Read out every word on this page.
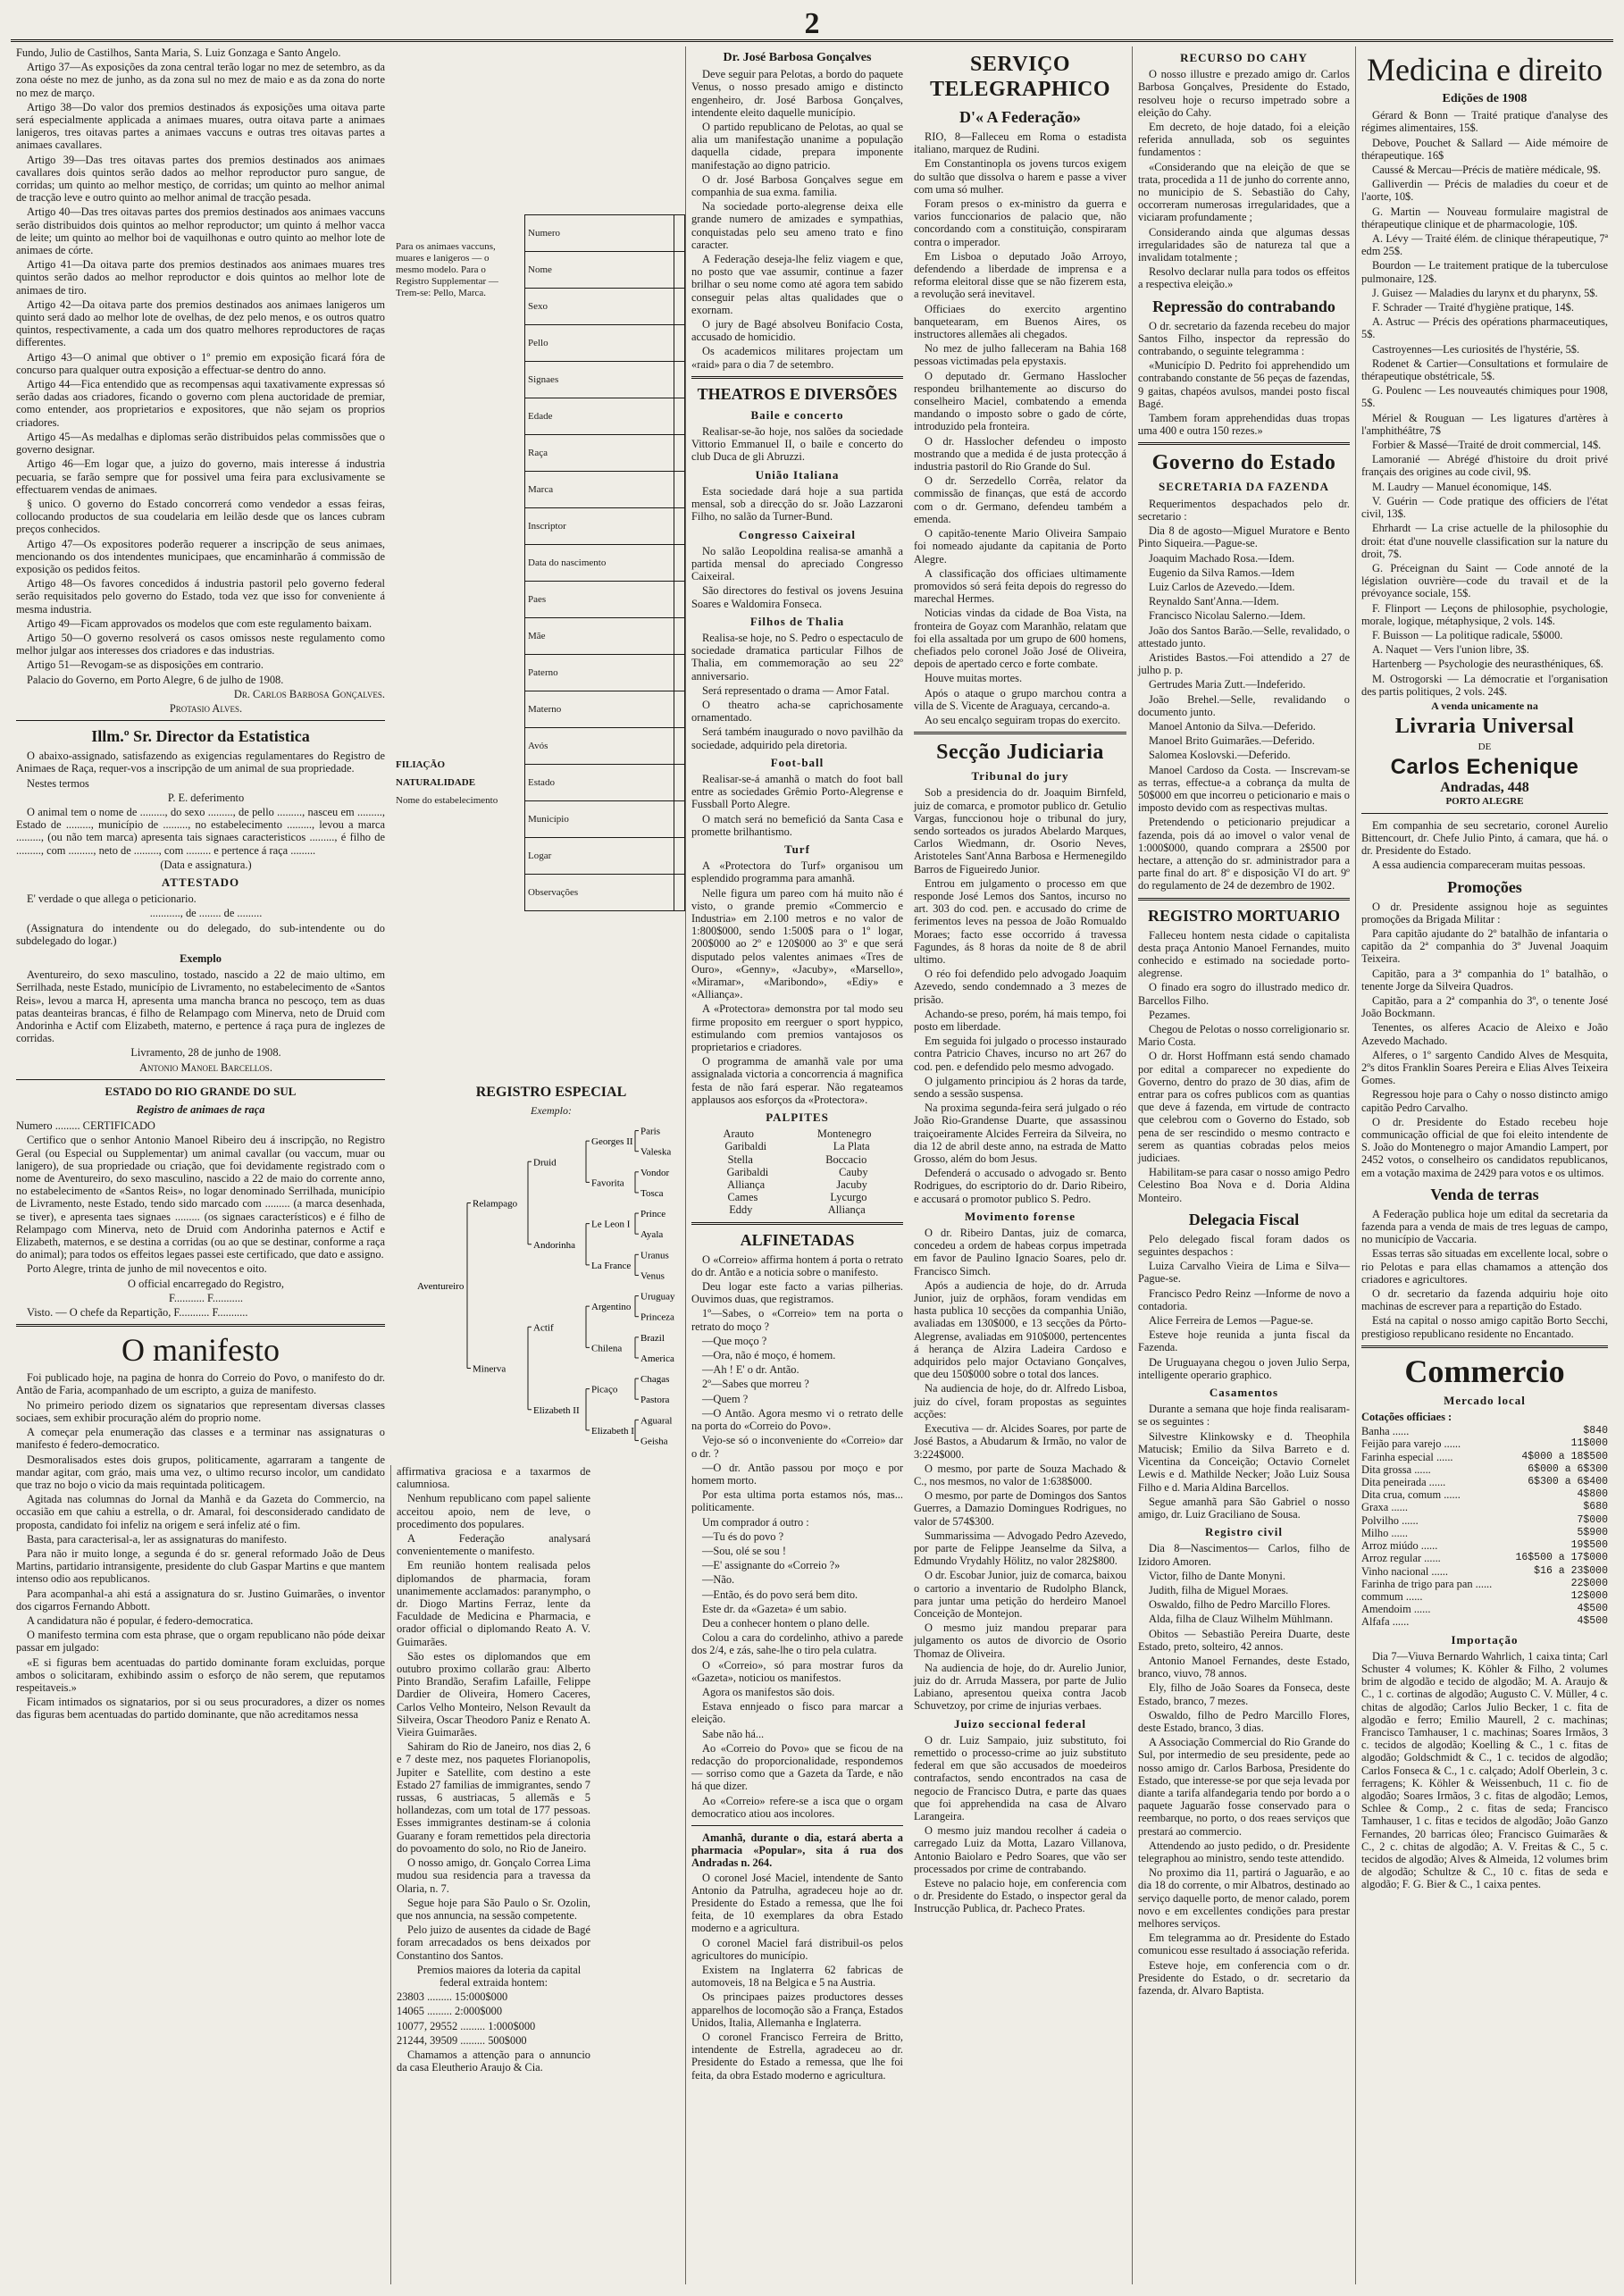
2

Fundo, Julio de Castilhos, Santa Maria, S. Luiz Gonzaga e Santo Angelo.

Artigo 37—As exposições da zona central terão logar no mez de setembro, as da zona oéste no mez de junho, as da zona sul no mez de maio e as da zona do norte no mez de março.

Artigo 38—Do valor dos premios destinados ás exposições uma oitava parte será especialmente applicada a animaes muares, outra oitava parte a animaes lanigeros, tres oitavas partes a animaes vaccuns e outras tres oitavas partes a animaes cavallares.

Artigo 39—Das tres oitavas partes dos premios destinados aos animaes cavallares dois quintos serão dados ao melhor reproductor puro sangue, de corridas; um quinto ao melhor mestiço, de corridas; um quinto ao melhor animal de tracção leve e outro quinto ao melhor animal de tracção pesada.

Artigo 40—Das tres oitavas partes dos premios destinados aos animaes vaccuns serão distribuidos dois quintos ao melhor reproductor; um quinto á melhor vacca de leite; um quinto ao melhor boi de vaquilhonas e outro quinto ao melhor lote de animaes de córte.

Artigo 41—Da oitava parte dos premios destinados aos animaes muares tres quintos serão dados ao melhor reproductor e dois quintos ao melhor lote de animaes de tiro.

Artigo 42—Da oitava parte dos premios destinados aos animaes lanigeros um quinto será dado ao melhor lote de ovelhas, de dez pelo menos, e os outros quatro quintos, respectivamente, a cada um dos quatro melhores reproductores de raças differentes.

Artigo 43—O animal que obtiver o 1º premio em exposição ficará fóra de concurso para qualquer outra exposição a effectuar-se dentro do anno.

Artigo 44—Fica entendido que as recompensas aqui taxativamente expressas só serão dadas aos criadores, ficando o governo com plena auctoridade de premiar, como entender, aos proprietarios e expositores, que não sejam os proprios criadores.

Artigo 45—As medalhas e diplomas serão distribuidos pelas commissões que o governo designar.

Artigo 46—Em logar que, a juizo do governo, mais interesse á industria pecuaria, se farão sempre que for possivel uma feira para exclusivamente se effectuarem vendas de animaes.

§ unico. O governo do Estado concorrerá como vendedor a essas feiras, collocando productos de sua coudelaria em leilão desde que os lances cubram preços conhecidos.

Artigo 47—Os expositores poderão requerer a inscripção de seus animaes, mencionando os dos intendentes municipaes, que encaminharão á commissão de exposição os pedidos feitos.

Artigo 48—Os favores concedidos á industria pastoril pelo governo federal serão requisitados pelo governo do Estado, toda vez que isso for conveniente á mesma industria.

Artigo 49—Ficam approvados os modelos que com este regulamento baixam.

Artigo 50—O governo resolverá os casos omissos neste regulamento como melhor julgar aos interesses dos criadores e das industrias.

Artigo 51—Revogam-se as disposições em contrario.

Palacio do Governo, em Porto Alegre, 6 de julho de 1908.

Dr. Carlos Barbosa Gonçalves.

Protasio Alves.

Illm.º Sr. Director da Estatistica

O abaixo-assignado, satisfazendo as exigencias regulamentares do Registro de Animaes de Raça, requer-vos a inscripção de um animal de sua propriedade.

Nestes termos

P. E. deferimento

O animal tem o nome de ........., do sexo ........., de pello ........., nasceu em ........., Estado de ........., município de ........., no estabelecimento ........., levou a marca ........., (ou não tem marca) apresenta tais signaes caracteristicos ........., é filho de ........., com ........., neto de ........., com ......... e pertence á raça .........

(Data e assignatura.)

ATTESTADO

E' verdade o que allega o peticionario.

..........., de ........ de .........

(Assignatura do intendente ou do delegado, do sub-intendente ou do subdelegado do logar.)

Exemplo

Aventureiro, do sexo masculino, tostado, nascido a 22 de maio ultimo, em Serrilhada, neste Estado, município de Livramento, no estabelecimento de «Santos Reis», levou a marca H, apresenta uma mancha branca no pescoço, tem as duas patas deanteiras brancas, é filho de Relampago com Minerva, neto de Druid com Andorinha e Actif com Elizabeth, materno, e pertence á raça pura de inglezes de corridas.

Livramento, 28 de junho de 1908.

Antonio Manoel Barcellos.

ESTADO DO RIO GRANDE DO SUL
Registro de animaes de raça

Numero ......... CERTIFICADO

Certifico que o senhor Antonio Manoel Ribeiro deu á inscripção, no Registro Geral (ou Especial ou Supplementar) um animal cavallar (ou vaccum, muar ou lanigero), de sua propriedade ou criação, que foi devidamente registrado com o nome de Aventureiro, do sexo masculino, nascido a 22 de maio do corrente anno, no estabelecimento de «Santos Reis», no logar denominado Serrilhada, município de Livramento, neste Estado, tendo sido marcado com ......... (a marca desenhada, se tiver), e apresenta taes signaes ......... (os signaes característicos) e é filho de Relampago com Minerva, neto de Druid com Andorinha paternos e Actif e Elizabeth, maternos, e se destina a corridas (ou ao que se destinar, conforme a raça do animal); para todos os effeitos legaes passei este certificado, que dato e assigno.

Porto Alegre, trinta de junho de mil novecentos e oito.

O official encarregado do Registro,

F........... F...........

Visto. — O chefe da Repartição, F........... F...........

O manifesto

Foi publicado hoje, na pagina de honra do Correio do Povo, o manifesto do dr. Antão de Faria, acompanhado de um escripto, a guiza de manifesto.

No primeiro periodo dizem os signatarios que representam diversas classes sociaes, sem exhibir procuração além do proprio nome.

A começar pela enumeração das classes e a terminar nas assignaturas o manifesto é federo-democratico.

Desmoralisados estes dois grupos, politicamente, agarraram a tangente de mandar agitar, com gráo, mais uma vez, o ultimo recurso incolor, um candidato que traz no bojo o vicio da mais requintada politicagem.

Agitada nas columnas do Jornal da Manhã e da Gazeta do Commercio, na occasião em que cahiu a estrella, o dr. Amaral, foi desconsiderado candidato de proposta, candidato foi infeliz na origem e será infeliz até o fim.

Basta, para caracterisal-a, ler as assignaturas do manifesto.

Para não ir muito longe, a segunda é do sr. general reformado João de Deus Martins, partidario intransigente, presidente do club Gaspar Martins e que mantem intenso odio aos republicanos.

Para acompanhal-a ahi está a assignatura do sr. Justino Guimarães, o inventor dos cigarros Fernando Abbott.

A candidatura não é popular, é federo-democratica.

O manifesto termina com esta phrase, que o orgam republicano não póde deixar passar em julgado:

«E si figuras bem acentuadas do partido dominante foram excluidas, porque ambos o solicitaram, exhibindo assim o esforço de não serem, que reputamos respeitaveis.»

Ficam intimados os signatarios, por si ou seus procuradores, a dizer os nomes das figuras bem acentuadas do partido dominante, que não acreditamos nessa

affirmativa graciosa e a taxarmos de calumniosa.

Nenhum republicano com papel saliente acceitou apoio, nem de leve, o procedimento dos populares.

A Federação analysará convenientemente o manifesto.

Em reunião hontem realisada pelos diplomandos de pharmacia, foram unanimemente acclamados: paranympho, o dr. Diogo Martins Ferraz, lente da Faculdade de Medicina e Pharmacia, e orador official o diplomando Reato A. V. Guimarães.

São estes os diplomandos que em outubro proximo collarão grau: Alberto Pinto Brandão, Serafim Lafaille, Felippe Dardier de Oliveira, Homero Caceres, Carlos Velho Monteiro, Nelson Revault da Silveira, Oscar Theodoro Paniz e Renato A. Vieira Guimarães.

Sahiram do Rio de Janeiro, nos dias 2, 6 e 7 deste mez, nos paquetes Florianopolis, Jupiter e Satellite, com destino a este Estado 27 familias de immigrantes, sendo 7 russas, 6 austriacas, 5 allemãs e 5 hollandezas, com um total de 177 pessoas. Esses immigrantes destinam-se á colonia Guarany e foram remettidos pela directoria do povoamento do solo, no Rio de Janeiro.

O nosso amigo, dr. Gonçalo Correa Lima mudou sua residencia para a travessa da Olaria, n. 7.

Segue hoje para São Paulo o Sr. Ozolin, que nos annuncia, na sessão competente.

Pelo juizo de ausentes da cidade de Bagé foram arrecadados os bens deixados por Constantino dos Santos.

Premios maiores da loteria da capital federal extraida hontem:

23803 ......... 15:000$000

14065 ......... 2:000$000

10077, 29552 ......... 1:000$000

21244, 39509 ......... 500$000

Chamamos a attenção para o annuncio da casa Eleutherio Araujo & Cia.

Dr. José Barbosa Gonçalves

Deve seguir para Pelotas, a bordo do paquete Venus, o nosso presado amigo e distincto engenheiro, dr. José Barbosa Gonçalves, intendente eleito daquelle município.

O partido republicano de Pelotas, ao qual se alia um manifestação unanime a população daquella cidade, prepara imponente manifestação ao digno patricio.

O dr. José Barbosa Gonçalves segue em companhia de sua exma. familia.

Na sociedade porto-alegrense deixa elle grande numero de amizades e sympathias, conquistadas pelo seu ameno trato e fino caracter.

A Federação deseja-lhe feliz viagem e que, no posto que vae assumir, continue a fazer brilhar o seu nome como até agora tem sabido conseguir pelas altas qualidades que o exornam.

O jury de Bagé absolveu Bonifacio Costa, accusado de homicidio.

Os academicos militares projectam um «raid» para o dia 7 de setembro.

THEATROS E DIVERSÕES
Baile e concerto

Realisar-se-ão hoje, nos salões da sociedade Vittorio Emmanuel II, o baile e concerto do club Duca de gli Abruzzi.

União Italiana

Esta sociedade dará hoje a sua partida mensal, sob a direcção do sr. João Lazzaroni Filho, no salão da Turner-Bund.

Congresso Caixeiral

No salão Leopoldina realisa-se amanhã a partida mensal do apreciado Congresso Caixeiral.

São directores do festival os jovens Jesuina Soares e Waldomira Fonseca.

Filhos de Thalia

Realisa-se hoje, no S. Pedro o espectaculo de sociedade dramatica particular Filhos de Thalia, em commemoração ao seu 22º anniversario.

Será representado o drama — Amor Fatal.

O theatro acha-se caprichosamente ornamentado.

Será também inaugurado o novo pavilhão da sociedade, adquirido pela diretoria.

Foot-ball

Realisar-se-á amanhã o match do foot ball entre as sociedades Grêmio Porto-Alegrense e Fussball Porto Alegre.

O match será no bemefició da Santa Casa e promette brilhantismo.

Turf

A «Protectora do Turf» organisou um esplendido programma para amanhã.

Nelle figura um pareo com há muito não é visto, o grande premio «Commercio e Industria» em 2.100 metros e no valor de 1:800$000, sendo 1:500$ para o 1º logar, 200$000 ao 2º e 120$000 ao 3º e que será disputado pelos valentes animaes «Tres de Ouro», «Genny», «Jacuby», «Marsello», «Miramar», «Maribondo», «Ediy» e «Alliança».

A «Protectora» demonstra por tal modo seu firme proposito em reerguer o sport hyppico, estimulando com premios vantajosos os proprietarios e criadores.

O programma de amanhã vale por uma assignalada victoria a concorrencia á magnifica festa de não fará esperar. Não regateamos applausos aos esforços da «Protectora».

PALPITES
Arauto	Montenegro
Garibaldi	La Plata
Stella	Boccacio
Garibaldi	Cauby
Alliança	Jacuby
Cames	Lycurgo
Eddy	Alliança
ALFINETADAS

O «Correio» affirma hontem á porta o retrato do dr. Antão e a noticia sobre o manifesto.

Deu logar este facto a varias pilherias. Ouvimos duas, que registramos.

1º—Sabes, o «Correio» tem na porta o retrato do moço ?

—Que moço ?

—Ora, não é moço, é homem.

—Ah ! E' o dr. Antão.

2º—Sabes que morreu ?

—Quem ?

—O Antão. Agora mesmo vi o retrato delle na porta do «Correio do Povo».

Vejo-se só o inconveniente do «Correio» dar o dr. ?

—O dr. Antão passou por moço e por homem morto.

Por esta ultima porta estamos nós, mas... politicamente.

Um comprador á outro :

—Tu és do povo ?

—Sou, olé se sou !

—E' assignante do «Correio ?»

—Não.

—Então, és do povo será bem dito.

Este dr. da «Gazeta» é um sabio.

Deu a conhecer hontem o plano delle.

Colou a cara do cordelinho, athivo a parede dos 2/4, e zás, sahe-lhe o tiro pela culatra.

O «Correio», só para mostrar furos da «Gazeta», noticiou os manifestos.

Agora os manifestos são dois.

Estava ennjeado o fisco para marcar a eleição.

Sabe não há...

Ao «Correio do Povo» que se ficou de na redacção do proporcionalidade, respondemos — sorriso como que a Gazeta da Tarde, e não há que dizer.

Ao «Correio» refere-se a isca que o orgam democratico atiou aos incolores.

Amanhã, durante o dia, estará aberta a pharmacia «Popular», sita á rua dos Andradas n. 264.

O coronel José Maciel, intendente de Santo Antonio da Patrulha, agradeceu hoje ao dr. Presidente do Estado a remessa, que lhe foi feita, de 10 exemplares da obra Estado moderno e a agricultura.

O coronel Maciel fará distribuil-os pelos agricultores do município.

Existem na Inglaterra 62 fabricas de automoveis, 18 na Belgica e 5 na Austria.

Os principaes paizes productores desses apparelhos de locomoção são a França, Estados Unidos, Italia, Allemanha e Inglaterra.

O coronel Francisco Ferreira de Britto, intendente de Estrella, agradeceu ao dr. Presidente do Estado a remessa, que lhe foi feita, da obra Estado moderno e agricultura.

Numero	
Nome	
Sexo	
Pello	
Signaes	
Edade	
Raça	
Marca	
Inscriptor	
Data do nascimento	
Paes	
Mãe	
Paterno	
Materno	
Avós	
Estado	
Município	
Logar	
Observações	
Para os animaes vaccuns, muares e lanigeros — o mesmo modelo. Para o Registro Supplementar — Trem-se: Pello, Marca.
FILIAÇÃO
NATURALIDADE
Nome do estabelecimento
REGISTRO ESPECIAL
Exemplo:
Aventureiro
Relampago
Minerva
Druid
Andorinha
Actif
Elizabeth II
Georges II
Favorita
Le Leon I
La France
Argentino
Chilena
Picaço
Elizabeth I
Paris
Valeska
Vondor
Tosca
Prince
Ayala
Uranus
Venus
Uruguay
Princeza
Brazil
America
Chagas
Pastora
Aguaral
Geisha
SERVIÇO TELEGRAPHICO
D'« A Federação»

RIO, 8—Falleceu em Roma o estadista italiano, marquez de Rudini.

Em Constantinopla os jovens turcos exigem do sultão que dissolva o harem e passe a viver com uma só mulher.

Foram presos o ex-ministro da guerra e varios funccionarios de palacio que, não concordando com a constituição, conspiraram contra o imperador.

Em Lisboa o deputado João Arroyo, defendendo a liberdade de imprensa e a reforma eleitoral disse que se não fizerem esta, a revolução será inevitavel.

Officiaes do exercito argentino banquetearam, em Buenos Aires, os instructores allemães ali chegados.

No mez de julho falleceram na Bahia 168 pessoas victimadas pela epystaxis.

O deputado dr. Germano Hasslocher respondeu brilhantemente ao discurso do conselheiro Maciel, combatendo a emenda mandando o imposto sobre o gado de córte, introduzido pela fronteira.

O dr. Hasslocher defendeu o imposto mostrando que a medida é de justa protecção á industria pastoril do Rio Grande do Sul.

O dr. Serzedello Corrêa, relator da commissão de finanças, que está de accordo com o dr. Germano, defendeu também a emenda.

O capitão-tenente Mario Oliveira Sampaio foi nomeado ajudante da capitania de Porto Alegre.

A classificação dos officiaes ultimamente promovidos só será feita depois do regresso do marechal Hermes.

Noticias vindas da cidade de Boa Vista, na fronteira de Goyaz com Maranhão, relatam que foi ella assaltada por um grupo de 600 homens, chefiados pelo coronel João José de Oliveira, depois de apertado cerco e forte combate.

Houve muitas mortes.

Após o ataque o grupo marchou contra a villa de S. Vicente de Araguaya, cercando-a.

Ao seu encalço seguiram tropas do exercito.

Secção Judiciaria
Tribunal do jury

Sob a presidencia do dr. Joaquim Birnfeld, juiz de comarca, e promotor publico dr. Getulio Vargas, funccionou hoje o tribunal do jury, sendo sorteados os jurados Abelardo Marques, Carlos Wiedmann, dr. Osorio Neves, Aristoteles Sant'Anna Barbosa e Hermenegildo Barros de Figueiredo Junior.

Entrou em julgamento o processo em que responde José Lemos dos Santos, incurso no art. 303 do cod. pen. e accusado do crime de ferimentos leves na pessoa de João Romualdo Moraes; facto esse occorrido á travessa Fagundes, ás 8 horas da noite de 8 de abril ultimo.

O réo foi defendido pelo advogado Joaquim Azevedo, sendo condemnado a 3 mezes de prisão.

Achando-se preso, porém, há mais tempo, foi posto em liberdade.

Em seguida foi julgado o processo instaurado contra Patricio Chaves, incurso no art 267 do cod. pen. e defendido pelo mesmo advogado.

O julgamento principiou ás 2 horas da tarde, sendo a sessão suspensa.

Na proxima segunda-feira será julgado o réo João Rio-Grandense Duarte, que assassinou traiçoeiramente Alcides Ferreira da Silveira, no dia 12 de abril deste anno, na estrada de Matto Grosso, além do bom Jesus.

Defenderá o accusado o advogado sr. Bento Rodrigues, do escriptorio do dr. Dario Ribeiro, e accusará o promotor publico S. Pedro.

Movimento forense

O dr. Ribeiro Dantas, juiz de comarca, concedeu a ordem de habeas corpus impetrada em favor de Paulino Ignacio Soares, pelo dr. Francisco Simch.

Após a audiencia de hoje, do dr. Arruda Junior, juiz de orphãos, foram vendidas em hasta publica 10 secções da companhia União, avaliadas em 130$000, e 13 secções da Pôrto-Alegrense, avaliadas em 910$000, pertencentes á herança de Alzira Ladeira Cardoso e adquiridos pelo major Octaviano Gonçalves, que deu 150$000 sobre o total dos lances.

Na audiencia de hoje, do dr. Alfredo Lisboa, juiz do cível, foram propostas as seguintes acções:

Executiva — dr. Alcides Soares, por parte de José Bastos, a Abudarum & Irmão, no valor de 3:224$000.

O mesmo, por parte de Souza Machado & C., nos mesmos, no valor de 1:638$000.

O mesmo, por parte de Domingos dos Santos Guerres, a Damazio Domingues Rodrigues, no valor de 574$300.

Summarissima — Advogado Pedro Azevedo, por parte de Felippe Jeanselme da Silva, a Edmundo Vrydahly Hölitz, no valor 282$800.

O dr. Escobar Junior, juiz de comarca, baixou o cartorio a inventario de Rudolpho Blanck, para juntar uma petição do herdeiro Manoel Conceição de Montejon.

O mesmo juiz mandou preparar para julgamento os autos de divorcio de Osorio Thomaz de Oliveira.

Na audiencia de hoje, do dr. Aurelio Junior, juiz do dr. Arruda Massera, por parte de Julio Labiano, apresentou queixa contra Jacob Schuvetzoy, por crime de injurias verbaes.

Juizo seccional federal

O dr. Luiz Sampaio, juiz substituto, foi remettido o processo-crime ao juiz substituto federal em que são accusados de moedeiros contrafactos, sendo encontrados na casa de negocio de Francisco Dutra, e parte das quaes que foi apprehendida na casa de Alvaro Larangeira.

O mesmo juiz mandou recolher á cadeia o carregado Luiz da Motta, Lazaro Villanova, Antonio Baiolaro e Pedro Soares, que vão ser processados por crime de contrabando.

Esteve no palacio hoje, em conferencia com o dr. Presidente do Estado, o inspector geral da Instrucção Publica, dr. Pacheco Prates.

RECURSO DO CAHY

O nosso illustre e prezado amigo dr. Carlos Barbosa Gonçalves, Presidente do Estado, resolveu hoje o recurso impetrado sobre a eleição do Cahy.

Em decreto, de hoje datado, foi a eleição referida annullada, sob os seguintes fundamentos :

«Considerando que na eleição de que se trata, procedida a 11 de junho do corrente anno, no municipio de S. Sebastião do Cahy, occorreram numerosas irregularidades, que a viciaram profundamente ;

Considerando ainda que algumas dessas irregularidades são de natureza tal que a invalidam totalmente ;

Resolvo declarar nulla para todos os effeitos a respectiva eleição.»

Repressão do contrabando

O dr. secretario da fazenda recebeu do major Santos Filho, inspector da repressão do contrabando, o seguinte telegramma :

«Município D. Pedrito foi apprehendido um contrabando constante de 56 peças de fazendas, 9 gaitas, chapéos avulsos, mandei posto fiscal Bagé.

Tambem foram apprehendidas duas tropas uma 400 e outra 150 rezes.»

Governo do Estado
SECRETARIA DA FAZENDA

Requerimentos despachados pelo dr. secretario :

Dia 8 de agosto—Miguel Muratore e Bento Pinto Siqueira.—Pague-se.

Joaquim Machado Rosa.—Idem.

Eugenio da Silva Ramos.—Idem

Luiz Carlos de Azevedo.—Idem.

Reynaldo Sant'Anna.—Idem.

Francisco Nicolau Salerno.—Idem.

João dos Santos Barão.—Selle, revalidado, o attestado junto.

Aristides Bastos.—Foi attendido a 27 de julho p. p.

Gertrudes Maria Zutt.—Indeferido.

João Brehel.—Selle, revalidando o documento junto.

Manoel Antonio da Silva.—Deferido.

Manoel Brito Guimarães.—Deferido.

Salomea Koslovski.—Deferido.

Manoel Cardoso da Costa. — Inscrevam-se as terras, effectue-a a cobrança da multa de 50$000 em que incorreu o peticionario e mais o imposto devido com as respectivas multas.

Pretendendo o peticionario prejudicar a fazenda, pois dá ao imovel o valor venal de 1:000$000, quando comprara a 2$500 por hectare, a attenção do sr. administrador para a parte final do art. 8º e disposição VI do art. 9º do regulamento de 24 de dezembro de 1902.

REGISTRO MORTUARIO

Falleceu hontem nesta cidade o capitalista desta praça Antonio Manoel Fernandes, muito conhecido e estimado na sociedade porto-alegrense.

O finado era sogro do illustrado medico dr. Barcellos Filho.

Pezames.

Chegou de Pelotas o nosso correligionario sr. Mario Costa.

O dr. Horst Hoffmann está sendo chamado por edital a comparecer no expediente do Governo, dentro do prazo de 30 dias, afim de entrar para os cofres publicos com as quantias que deve á fazenda, em virtude de contracto que celebrou com o Governo do Estado, sob pena de ser rescindido o mesmo contracto e serem as quantias cobradas pelos meios judiciaes.

Habilitam-se para casar o nosso amigo Pedro Celestino Boa Nova e d. Doria Aldina Monteiro.

Delegacia Fiscal

Pelo delegado fiscal foram dados os seguintes despachos :

Luiza Carvalho Vieira de Lima e Silva—Pague-se.

Francisco Pedro Reinz —Informe de novo a contadoria.

Alice Ferreira de Lemos —Pague-se.

Esteve hoje reunida a junta fiscal da Fazenda.

De Uruguayana chegou o joven Julio Serpa, intelligente operario graphico.

Casamentos

Durante a semana que hoje finda realisaram-se os seguintes :

Silvestre Klinkowsky e d. Theophila Matucisk; Emilio da Silva Barreto e d. Vicentina da Conceição; Octavio Cornelet Lewis e d. Mathilde Necker; João Luiz Sousa Filho e d. Maria Aldina Barcellos.

Segue amanhã para São Gabriel o nosso amigo, dr. Luiz Graciliano de Sousa.

Registro civil

Dia 8—Nascimentos— Carlos, filho de Izidoro Amoren.

Victor, filho de Dante Monyni.

Judith, filha de Miguel Moraes.

Oswaldo, filho de Pedro Marcillo Flores.

Alda, filha de Clauz Wilhelm Mühlmann.

Obitos — Sebastião Pereira Duarte, deste Estado, preto, solteiro, 42 annos.

Antonio Manoel Fernandes, deste Estado, branco, viuvo, 78 annos.

Ely, filho de João Soares da Fonseca, deste Estado, branco, 7 mezes.

Oswaldo, filho de Pedro Marcillo Flores, deste Estado, branco, 3 dias.

A Associação Commercial do Rio Grande do Sul, por intermedio de seu presidente, pede ao nosso amigo dr. Carlos Barbosa, Presidente do Estado, que interesse-se por que seja levada por diante a tarifa alfandegaria tendo por bordo a o paquete Jaguarão fosse conservado para o reembarque, no porto, o dos reaes serviços que prestará ao commercio.

Attendendo ao justo pedido, o dr. Presidente telegraphou ao ministro, sendo teste attendido.

No proximo dia 11, partirá o Jaguarão, e ao dia 18 do corrente, o mir Albatros, destinado ao serviço daquelle porto, de menor calado, porem novo e em excellentes condições para prestar melhores serviços.

Em telegramma ao dr. Presidente do Estado comunicou esse resultado á associação referida.

Esteve hoje, em conferencia com o dr. Presidente do Estado, o dr. secretario da fazenda, dr. Alvaro Baptista.

Medicina e direito
Edições de 1908

Gérard & Bonn — Traité pratique d'analyse des régimes alimentaires, 15$.

Debove, Pouchet & Sallard — Aide mémoire de thérapeutique. 16$

Caussé & Mercau—Précis de matière médicale, 9$.

Galliverdin — Précis de maladies du coeur et de l'aorte, 10$.

G. Martin — Nouveau formulaire magistral de thérapeutique clinique et de pharmacologie, 10$.

A. Lévy — Traité élém. de clinique thérapeutique, 7ª edm 25$.

Bourdon — Le traitement pratique de la tuberculose pulmonaire, 12$.

J. Guisez — Maladies du larynx et du pharynx, 5$.

F. Schrader — Traité d'hygiène pratique, 14$.

A. Astruc — Précis des opérations pharmaceutiques, 5$.

Castroyennes—Les curiosités de l'hystérie, 5$.

Rodenet & Cartier—Consultations et formulaire de thérapeutique obstétricale, 5$.

G. Poulenc — Les nouveautés chimiques pour 1908, 5$.

Mériel & Rouguan — Les ligatures d'artères à l'amphithéâtre, 7$

Forbier & Massé—Traité de droit commercial, 14$.

Lamoranié — Abrégé d'histoire du droit privé français des origines au code civil, 9$.

M. Laudry — Manuel économique, 14$.

V. Guérin — Code pratique des officiers de l'état civil, 13$.

Ehrhardt — La crise actuelle de la philosophie du droit: état d'une nouvelle classification sur la nature du droit, 7$.

G. Préceignan du Saint — Code annoté de la législation ouvrière—code du travail et de la prévoyance sociale, 15$.

F. Flinport — Leçons de philosophie, psychologie, morale, logique, métaphysique, 2 vols. 14$.

F. Buisson — La politique radicale, 5$000.

A. Naquet — Vers l'union libre, 3$.

Hartenberg — Psychologie des neurasthéniques, 6$.

M. Ostrogorski — La démocratie et l'organisation des partis politiques, 2 vols. 24$.

A venda unicamente na
Livraria Universal
DE
Carlos Echenique
Andradas, 448
PORTO ALEGRE

Em companhia de seu secretario, coronel Aurelio Bittencourt, dr. Chefe Julio Pinto, á camara, que há. o dr. Presidente do Estado.

A essa audiencia compareceram muitas pessoas.

Promoções

O dr. Presidente assignou hoje as seguintes promoções da Brigada Militar :

Para capitão ajudante do 2º batalhão de infantaria o capitão da 2ª companhia do 3º Juvenal Joaquim Teixeira.

Capitão, para a 3ª companhia do 1º batalhão, o tenente Jorge da Silveira Quadros.

Capitão, para a 2ª companhia do 3º, o tenente José João Bockmann.

Tenentes, os alferes Acacio de Aleixo e João Azevedo Machado.

Alferes, o 1º sargento Candido Alves de Mesquita, 2ºs ditos Franklin Soares Pereira e Elias Alves Teixeira Gomes.

Regressou hoje para o Cahy o nosso distincto amigo capitão Pedro Carvalho.

O dr. Presidente do Estado recebeu hoje communicação official de que foi eleito intendente de S. João do Montenegro o major Amandio Lampert, por 2452 votos, o conselheiro os candidatos republicanos, em a votação maxima de 2429 para votos e os ultimos.

Venda de terras

A Federação publica hoje um edital da secretaria da fazenda para a venda de mais de tres leguas de campo, no município de Vaccaria.

Essas terras são situadas em excellente local, sobre o rio Pelotas e para ellas chamamos a attenção dos criadores e agricultores.

O dr. secretario da fazenda adquiriu hoje oito machinas de escrever para a repartição do Estado.

Está na capital o nosso amigo capitão Borto Secchi, prestigioso republicano residente no Encantado.

Commercio
Mercado local

Cotações officiaes :

Banha ......	$840
Feijão para varejo ......	11$000
Farinha especial ......	4$000 a 18$500
Dita grossa ......	6$000 a 6$300
Dita peneirada ......	6$300 a 6$400
Dita crua, comum ......	4$800
Graxa ......	$680
Polvilho ......	7$000
Milho ......	5$900
Arroz miúdo ......	19$500
Arroz regular ......	16$500 a 17$000
Vinho nacional ......	$16 a 23$000
Farinha de trigo para pan ......	22$000
commum ......	12$000
Amendoim ......	4$500
Alfafa ......	4$500
Importação

Dia 7—Viuva Bernardo Wahrlich, 1 caixa tinta; Carl Schuster 4 volumes; K. Köhler & Filho, 2 volumes brim de algodão e tecido de algodão; M. A. Araujo & C., 1 c. cortinas de algodão; Augusto C. V. Müller, 4 c. chitas de algodão; Carlos Julio Becker, 1 c. fita de algodão e ferro; Emilio Maurell, 2 c. machinas; Francisco Tamhauser, 1 c. machinas; Soares Irmãos, 3 c. tecidos de algodão; Koelling & C., 1 c. fitas de algodão; Goldschmidt & C., 1 c. tecidos de algodão; Carlos Fonseca & C., 1 c. calçado; Adolf Oberlein, 3 c. ferragens; K. Köhler & Weissenbuch, 11 c. fio de algodão; Soares Irmãos, 3 c. fitas de algodão; Lemos, Schlee & Comp., 2 c. fitas de seda; Francisco Tamhauser, 1 c. fitas e tecidos de algodão; João Ganzo Fernandes, 20 barricas óleo; Francisco Guimarães & C., 2 c. chitas de algodão; A. V. Freitas & C., 5 c. tecidos de algodão; Alves & Almeida, 12 volumes brim de algodão; Schultze & C., 10 c. fitas de seda e algodão; F. G. Bier & C., 1 caixa pentes.
